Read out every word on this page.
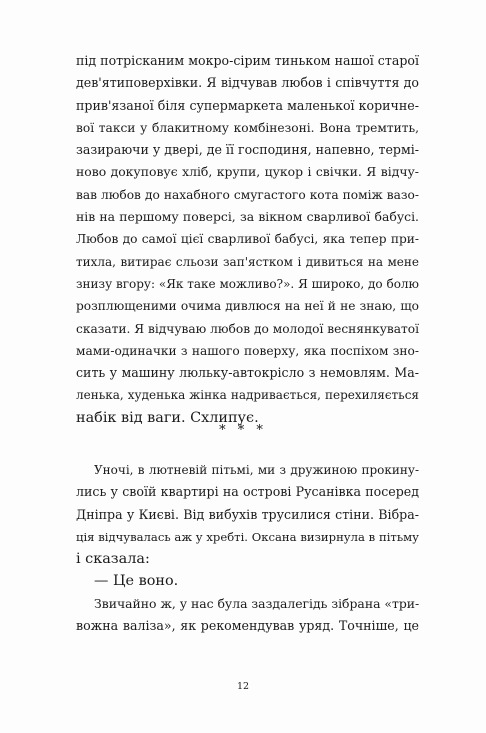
під потрісканим мокро-сірим тиньком нашої старої
дев'ятиповерхівки. Я відчував любов і співчуття до
прив'язаної біля супермаркета маленької коричне-
вої такси у блакитному комбінезоні. Вона тремтить,
зазираючи у двері, де її господиня, напевно, термі-
ново докуповує хліб, крупи, цукор і свічки. Я відчу-
вав любов до нахабного смугастого кота поміж вазо-
нів на першому поверсі, за вікном сварливої бабусі.
Любов до самої цієї сварливої бабусі, яка тепер при-
тихла, витирає сльози зап'ястком і дивиться на мене
знизу вгору: «Як таке можливо?». Я широко, до болю
розплющеними очима дивлюся на неї й не знаю, що
сказати. Я відчуваю любов до молодої веснянкуватої
мами-одиначки з нашого поверху, яка поспіхом зно-
сить у машину люльку-автокрісло з немовлям. Ма-
ленька, худенька жінка надривається, перехиляється
набік від ваги. Схлипує.
* * *
Уночі, в лютневій пітьмі, ми з дружиною прокину-
лись у своїй квартирі на острові Русанівка посеред
Дніпра у Києві. Від вибухів трусилися стіни. Вібра-
ція відчувалась аж у хребті. Оксана визирнула в пітьму
і сказала:
— Це воно.
Звичайно ж, у нас була заздалегідь зібрана «три-
вожна валіза», як рекомендував уряд. Точніше, це
12
